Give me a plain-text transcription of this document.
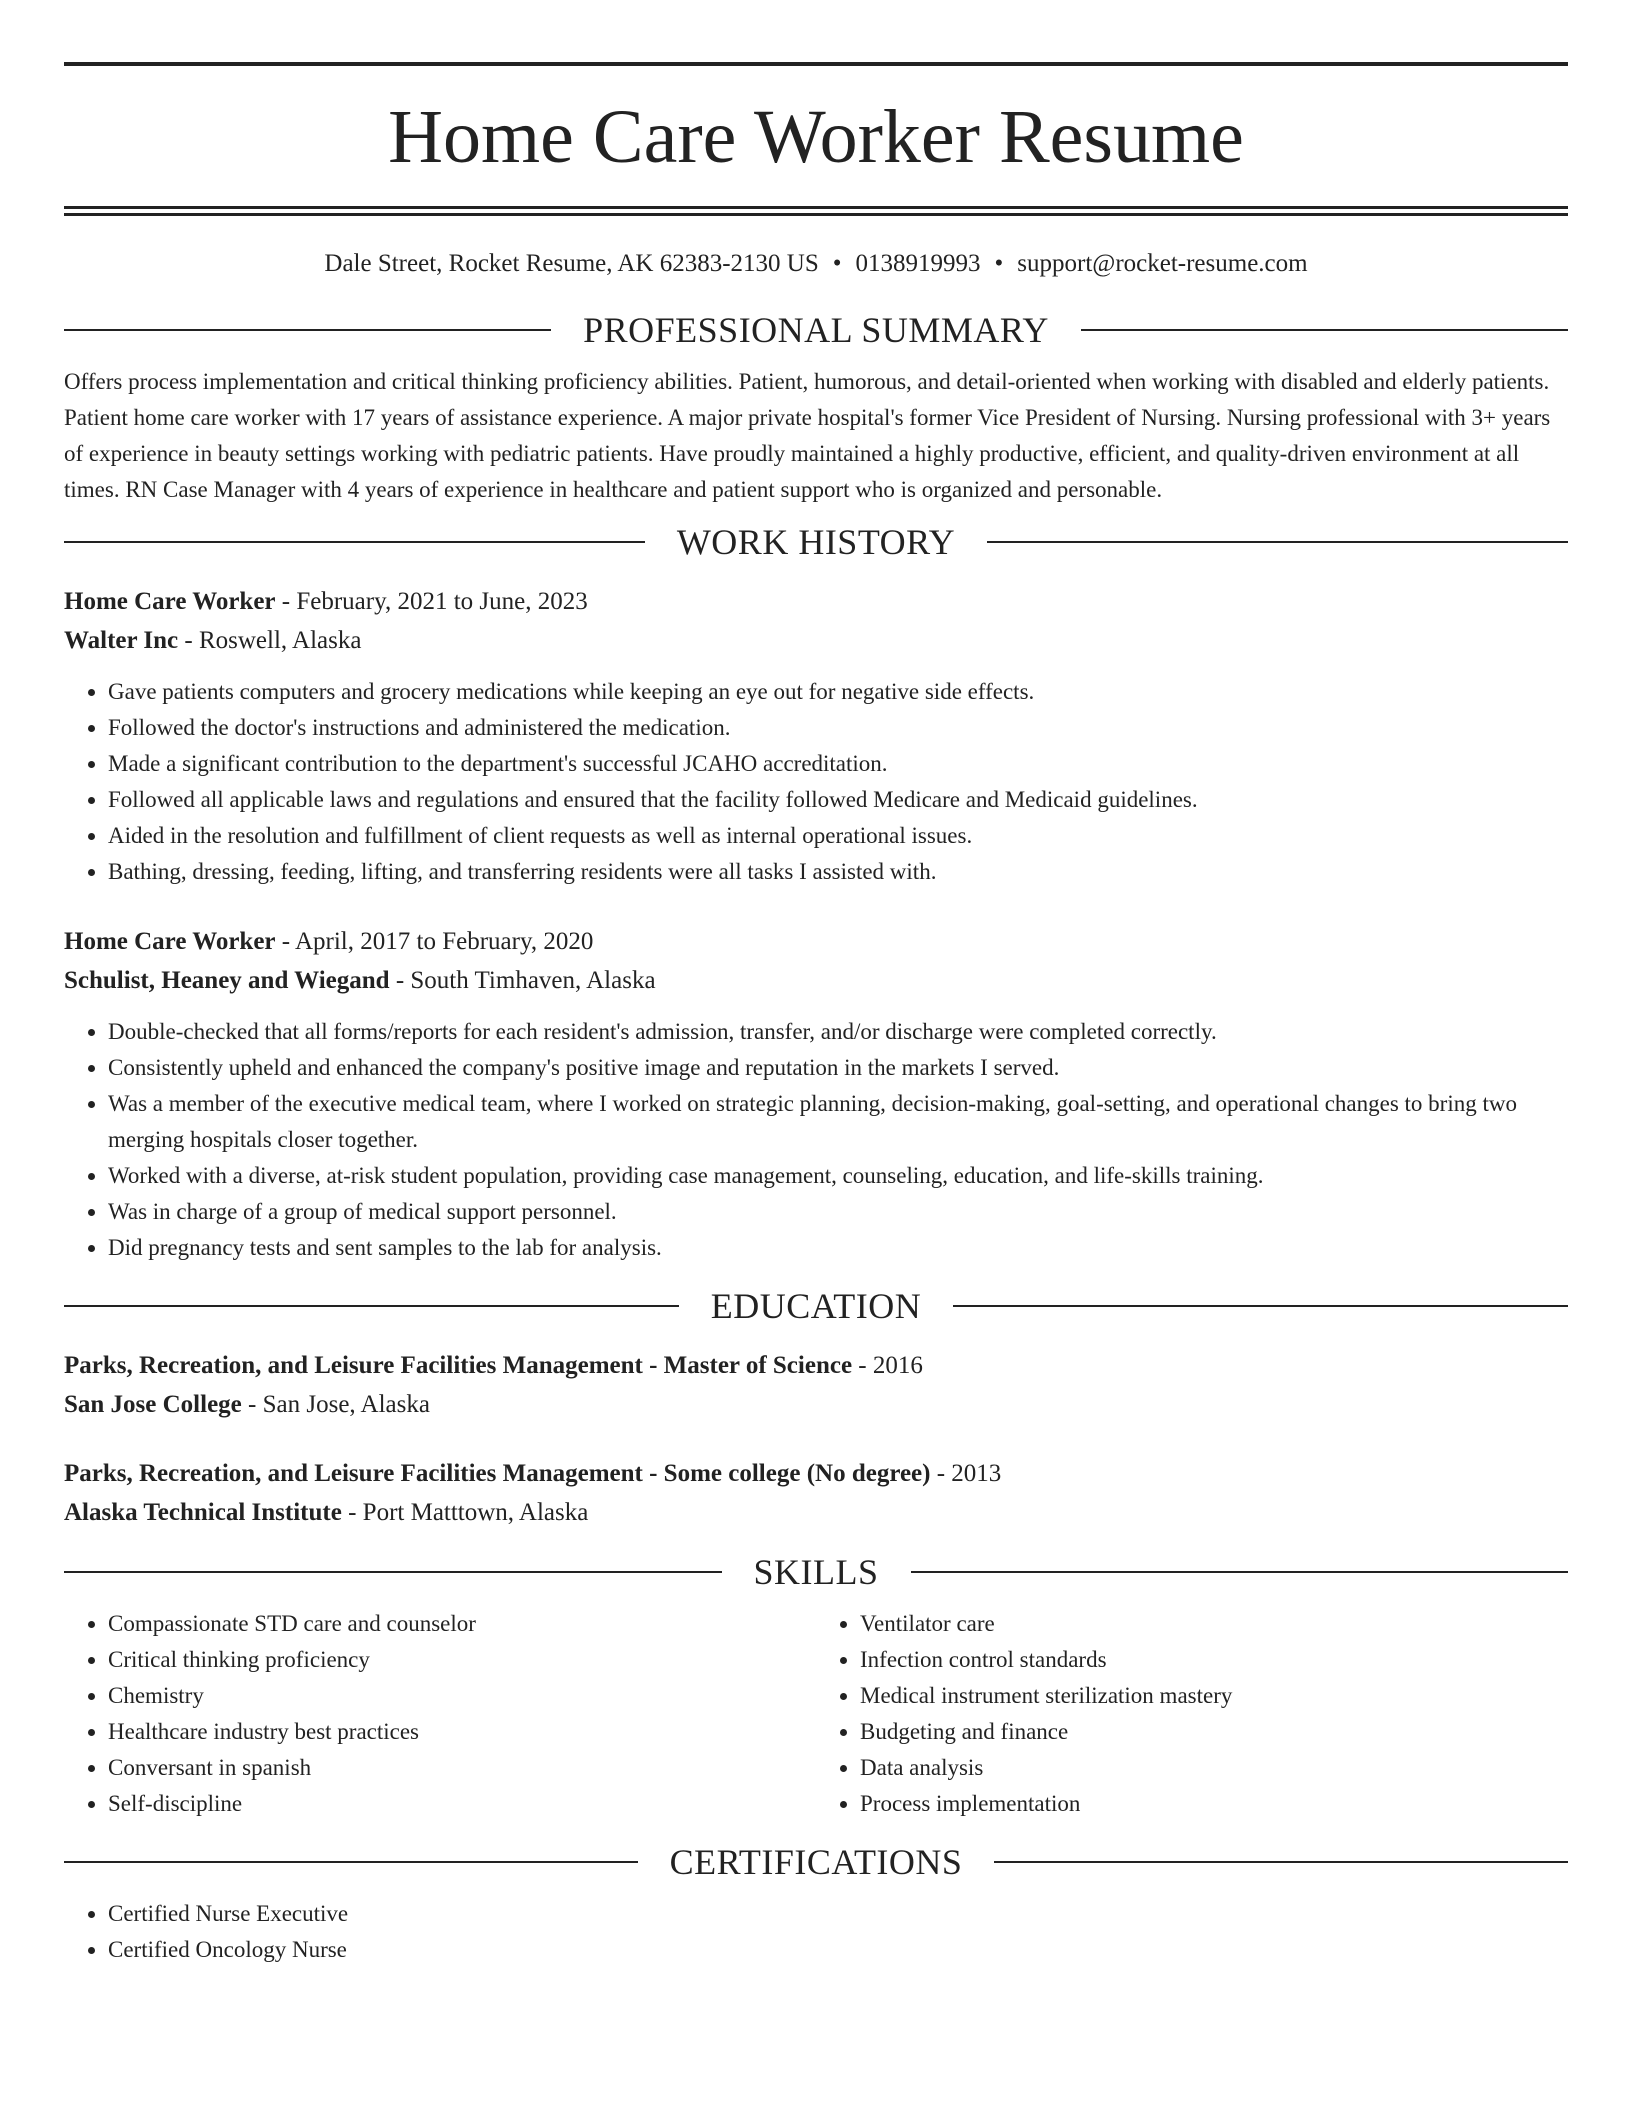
Home Care Worker Resume
Dale Street, Rocket Resume, AK 62383-2130 US • 0138919993 • support@rocket-resume.com
PROFESSIONAL SUMMARY

Offers process implementation and critical thinking proficiency abilities. Patient, humorous, and detail-oriented when working with disabled and elderly patients. Patient home care worker with 17 years of assistance experience. A major private hospital's former Vice President of Nursing. Nursing professional with 3+ years of experience in beauty settings working with pediatric patients. Have proudly maintained a highly productive, efficient, and quality-driven environment at all times. RN Case Manager with 4 years of experience in healthcare and patient support who is organized and personable.

WORK HISTORY
Home Care Worker - February, 2021 to June, 2023
Walter Inc - Roswell, Alaska
• Gave patients computers and grocery medications while keeping an eye out for negative side effects.
• Followed the doctor's instructions and administered the medication.
• Made a significant contribution to the department's successful JCAHO accreditation.
• Followed all applicable laws and regulations and ensured that the facility followed Medicare and Medicaid guidelines.
• Aided in the resolution and fulfillment of client requests as well as internal operational issues.
• Bathing, dressing, feeding, lifting, and transferring residents were all tasks I assisted with.
Home Care Worker - April, 2017 to February, 2020
Schulist, Heaney and Wiegand - South Timhaven, Alaska
• Double-checked that all forms/reports for each resident's admission, transfer, and/or discharge were completed correctly.
• Consistently upheld and enhanced the company's positive image and reputation in the markets I served.
• Was a member of the executive medical team, where I worked on strategic planning, decision-making, goal-setting, and operational changes to bring two merging hospitals closer together.
• Worked with a diverse, at-risk student population, providing case management, counseling, education, and life-skills training.
• Was in charge of a group of medical support personnel.
• Did pregnancy tests and sent samples to the lab for analysis.
EDUCATION
Parks, Recreation, and Leisure Facilities Management - Master of Science - 2016
San Jose College - San Jose, Alaska
Parks, Recreation, and Leisure Facilities Management - Some college (No degree) - 2013
Alaska Technical Institute - Port Matttown, Alaska
SKILLS
• Compassionate STD care and counselor
• Critical thinking proficiency
• Chemistry
• Healthcare industry best practices
• Conversant in spanish
• Self-discipline
• Ventilator care
• Infection control standards
• Medical instrument sterilization mastery
• Budgeting and finance
• Data analysis
• Process implementation
CERTIFICATIONS
• Certified Nurse Executive
• Certified Oncology Nurse
